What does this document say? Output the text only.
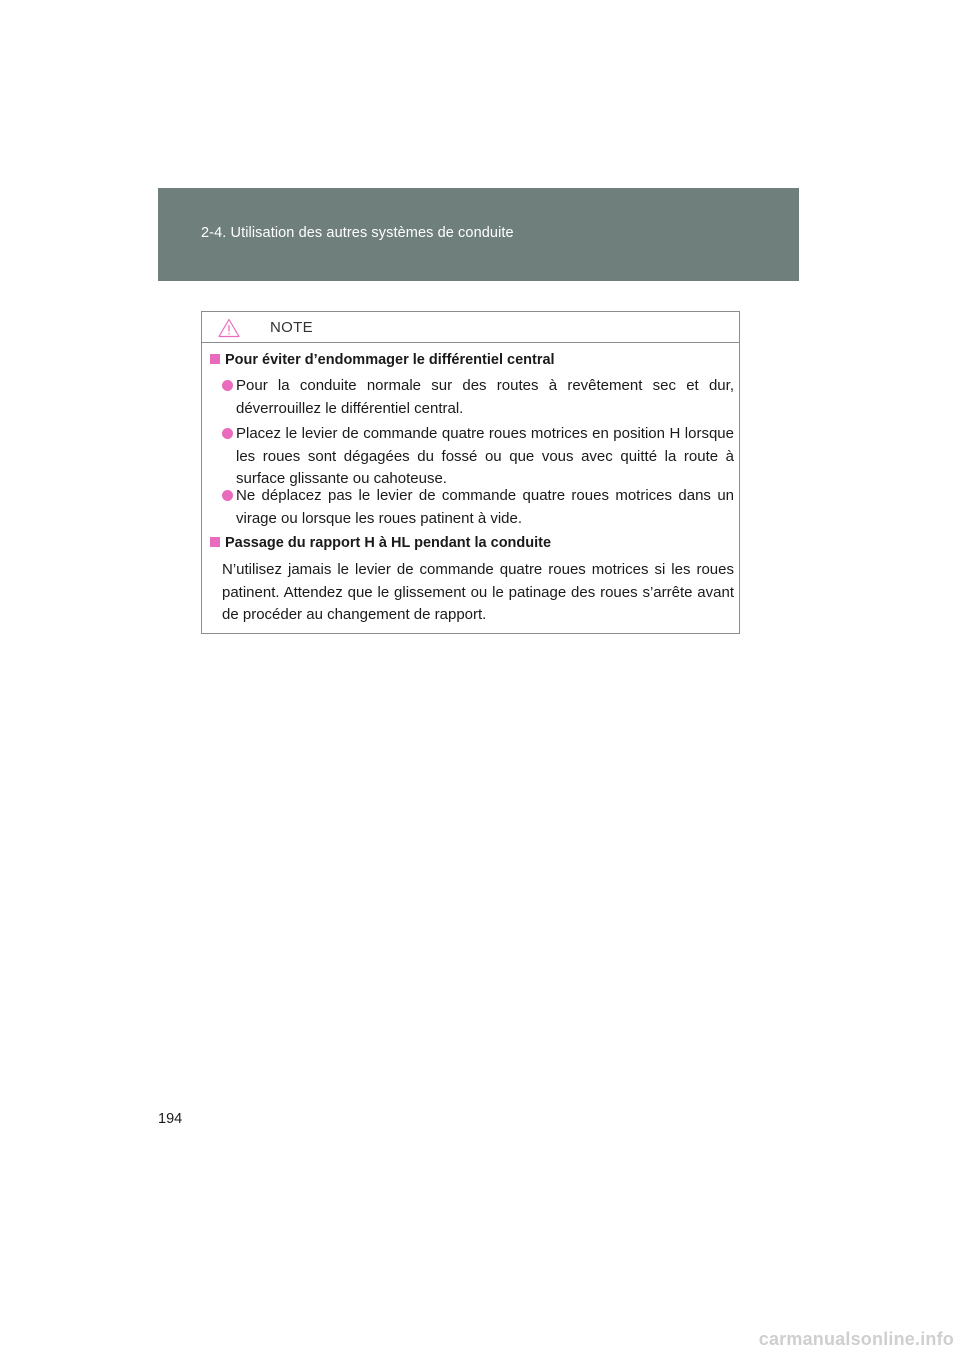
2-4. Utilisation des autres systèmes de conduite
NOTE
Pour éviter d’endommager le différentiel central
Pour la conduite normale sur des routes à revêtement sec et dur, déverrouillez le différentiel central.
Placez le levier de commande quatre roues motrices en position H lorsque les roues sont dégagées du fossé ou que vous avec quitté la route à surface glissante ou cahoteuse.
Ne déplacez pas le levier de commande quatre roues motrices dans un virage ou lorsque les roues patinent à vide.
Passage du rapport H à HL pendant la conduite
N’utilisez jamais le levier de commande quatre roues motrices si les roues patinent. Attendez que le glissement ou le patinage des roues s’arrête avant de procéder au changement de rapport.
194
carmanualsonline.info
